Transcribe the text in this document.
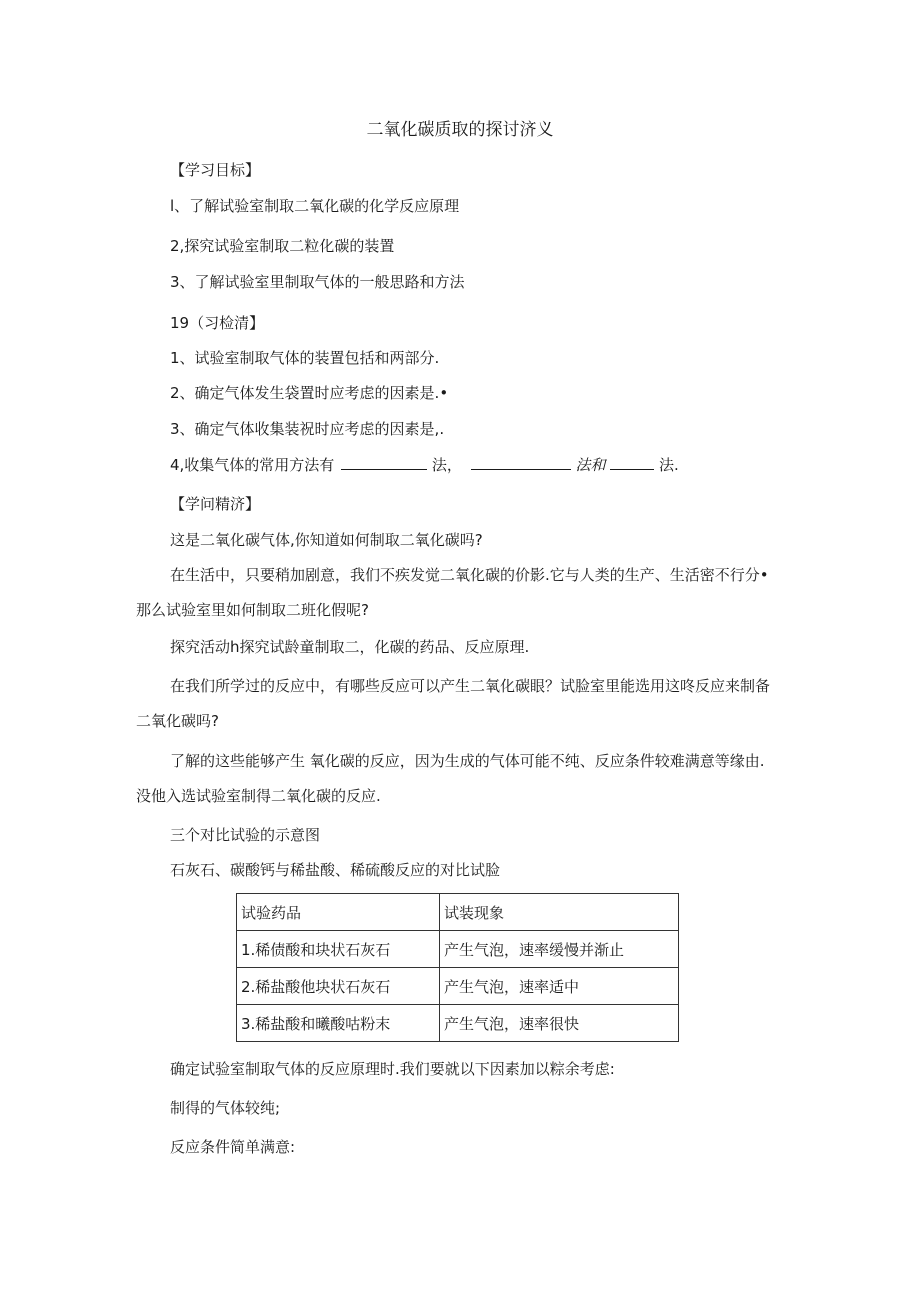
二氧化碳质取的探讨济义
【学习目标】
l、了解试验室制取二氧化碳的化学反应原理
2,探究试验室制取二粒化碳的装置
3、了解试验室里制取气体的一般思路和方法
19（习检清】
1、试验室制取气体的装置包括和两部分.
2、确定气体发生袋置时应考虑的因素是.•
3、确定气体收集装祝时应考虑的因素是,.
4,收集气体的常用方法有	法，	法和	法.
【学问精济】
这是二氧化碳气体,你知道如何制取二氧化碳吗?
在生活中，只要稍加剧意，我们不疾发觉二氧化碳的价影.它与人类的生产、生活密不行分•
那么试验室里如何制取二班化假呢?
探究活动h探究试龄童制取二，化碳的药品、反应原理.
在我们所学过的反应中，有哪些反应可以产生二氧化碳眼？试脸室里能选用这咚反应来制备
二氧化碳吗?
了解的这些能够产生 氧化碳的反应，因为生成的气体可能不纯、反应条件较难满意等缘由.
没他入选试验室制得二氧化碳的反应.
三个对比试验的示意图
石灰石、碳酸钙与稀盐酸、稀硫酸反应的对比试脸
试验药品	试装现象
1.稀债酸和块状石灰石	产生气泡，速率缓慢并渐止
2.稀盐酸他块状石灰石	产生气泡，速率适中
3.稀盐酸和曦酸咕粉末	产生气泡，速率很快
确定试验室制取气体的反应原理时.我们要就以下因素加以粽余考虑:
制得的气体较纯;
反应条件简单满意:
